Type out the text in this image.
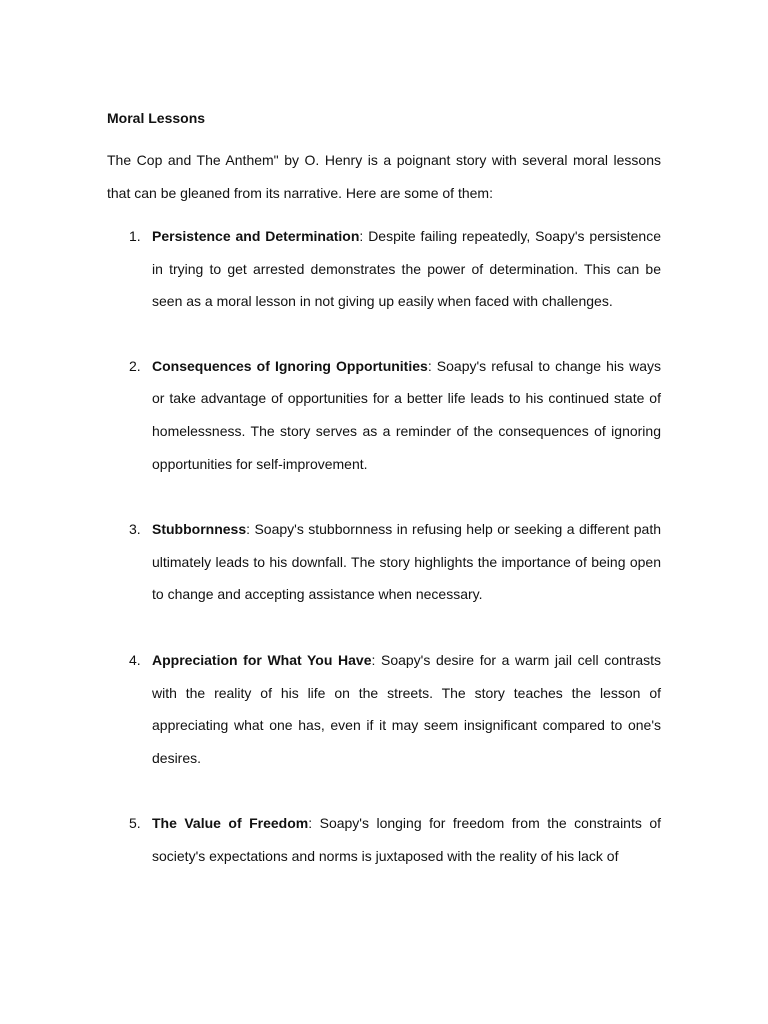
Moral Lessons

The Cop and The Anthem" by O. Henry is a poignant story with several moral lessons that can be gleaned from its narrative. Here are some of them:

1. Persistence and Determination: Despite failing repeatedly, Soapy's persistence in trying to get arrested demonstrates the power of determination. This can be seen as a moral lesson in not giving up easily when faced with challenges.
2. Consequences of Ignoring Opportunities: Soapy's refusal to change his ways or take advantage of opportunities for a better life leads to his continued state of homelessness. The story serves as a reminder of the consequences of ignoring opportunities for self-improvement.
3. Stubbornness: Soapy's stubbornness in refusing help or seeking a different path ultimately leads to his downfall. The story highlights the importance of being open to change and accepting assistance when necessary.
4. Appreciation for What You Have: Soapy's desire for a warm jail cell contrasts with the reality of his life on the streets. The story teaches the lesson of appreciating what one has, even if it may seem insignificant compared to one's desires.
5. The Value of Freedom: Soapy's longing for freedom from the constraints of society's expectations and norms is juxtaposed with the reality of his lack of
